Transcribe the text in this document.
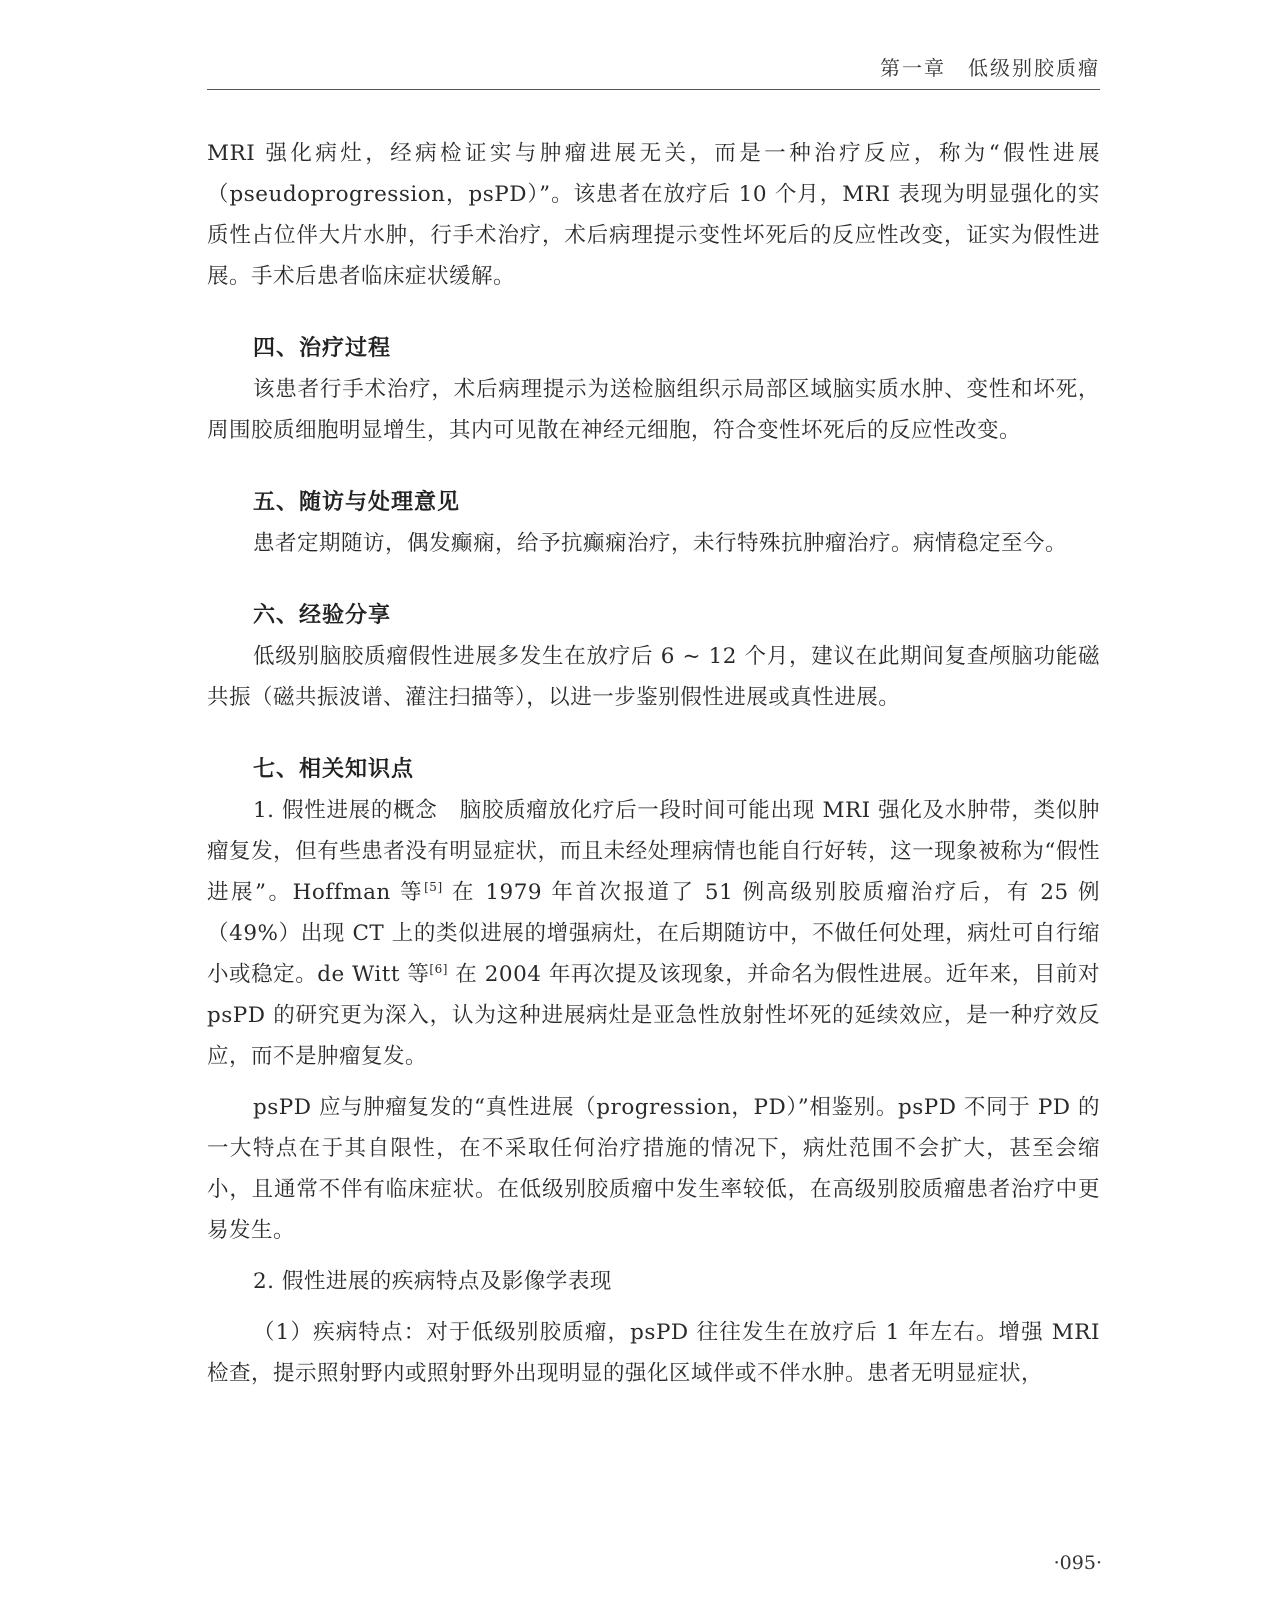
第一章　低级别胶质瘤

MRI 强化病灶，经病检证实与肿瘤进展无关，而是一种治疗反应，称为“假性进展（pseudoprogression，psPD）”。该患者在放疗后 10 个月，MRI 表现为明显强化的实质性占位伴大片水肿，行手术治疗，术后病理提示变性坏死后的反应性改变，证实为假性进展。手术后患者临床症状缓解。

四、治疗过程

该患者行手术治疗，术后病理提示为送检脑组织示局部区域脑实质水肿、变性和坏死，周围胶质细胞明显增生，其内可见散在神经元细胞，符合变性坏死后的反应性改变。

五、随访与处理意见

患者定期随访，偶发癫痫，给予抗癫痫治疗，未行特殊抗肿瘤治疗。病情稳定至今。

六、经验分享

低级别脑胶质瘤假性进展多发生在放疗后 6 ~ 12 个月，建议在此期间复查颅脑功能磁共振（磁共振波谱、灌注扫描等），以进一步鉴别假性进展或真性进展。

七、相关知识点

1. 假性进展的概念　脑胶质瘤放化疗后一段时间可能出现 MRI 强化及水肿带，类似肿瘤复发，但有些患者没有明显症状，而且未经处理病情也能自行好转，这一现象被称为“假性进展”。Hoffman 等[5] 在 1979 年首次报道了 51 例高级别胶质瘤治疗后，有 25 例（49%）出现 CT 上的类似进展的增强病灶，在后期随访中，不做任何处理，病灶可自行缩小或稳定。de Witt 等[6] 在 2004 年再次提及该现象，并命名为假性进展。近年来，目前对 psPD 的研究更为深入，认为这种进展病灶是亚急性放射性坏死的延续效应，是一种疗效反应，而不是肿瘤复发。

psPD 应与肿瘤复发的“真性进展（progression，PD）”相鉴别。psPD 不同于 PD 的一大特点在于其自限性，在不采取任何治疗措施的情况下，病灶范围不会扩大，甚至会缩小，且通常不伴有临床症状。在低级别胶质瘤中发生率较低，在高级别胶质瘤患者治疗中更易发生。

2. 假性进展的疾病特点及影像学表现

（1）疾病特点：对于低级别胶质瘤，psPD 往往发生在放疗后 1 年左右。增强 MRI 检查，提示照射野内或照射野外出现明显的强化区域伴或不伴水肿。患者无明显症状，

·095·
